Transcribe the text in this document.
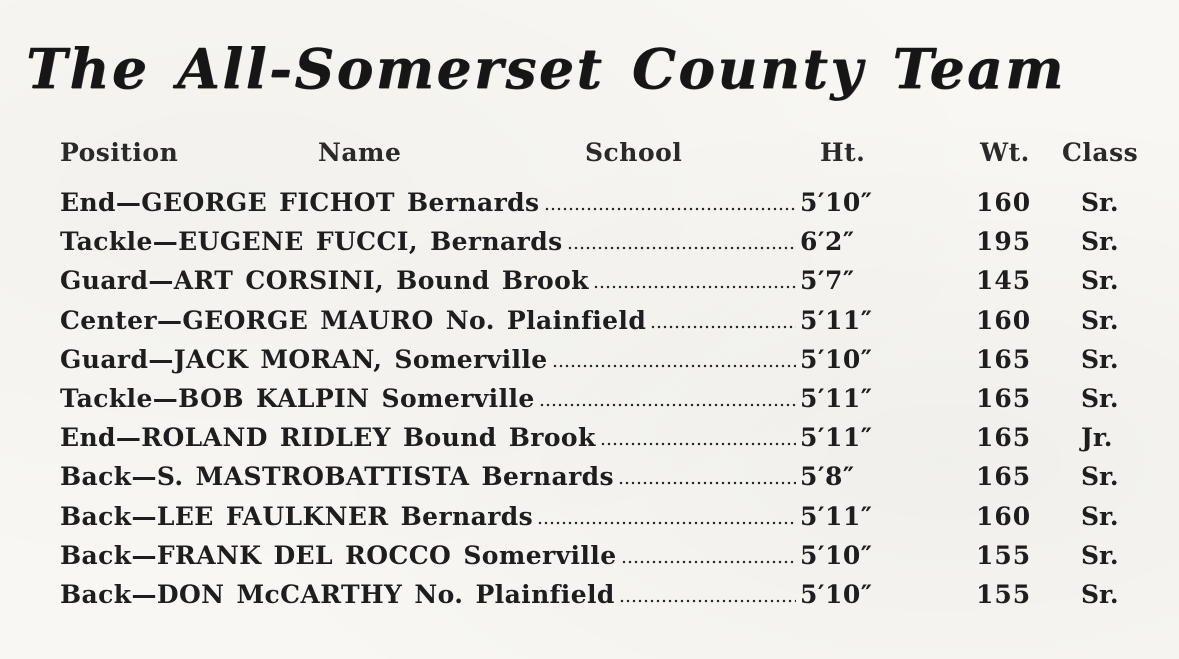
The All-Somerset County Team
Position	Name	School	Ht.	Wt. Class
End—GEORGE FICHOT Bernards	5′10″	160 Sr.
Tackle—EUGENE FUCCI, Bernards	6′2″	195 Sr.
Guard—ART CORSINI, Bound Brook	5′7″	145 Sr.
Center—GEORGE MAURO No. Plainfield	5′11″	160 Sr.
Guard—JACK MORAN, Somerville	5′10″	165 Sr.
Tackle—BOB KALPIN Somerville	5′11″	165 Sr.
End—ROLAND RIDLEY Bound Brook	5′11″	165 Jr.
Back—S. MASTROBATTISTA Bernards	5′8″	165 Sr.
Back—LEE FAULKNER Bernards	5′11″	160 Sr.
Back—FRANK DEL ROCCO Somerville	5′10″	155 Sr.
Back—DON McCARTHY No. Plainfield	5′10″	155 Sr.
